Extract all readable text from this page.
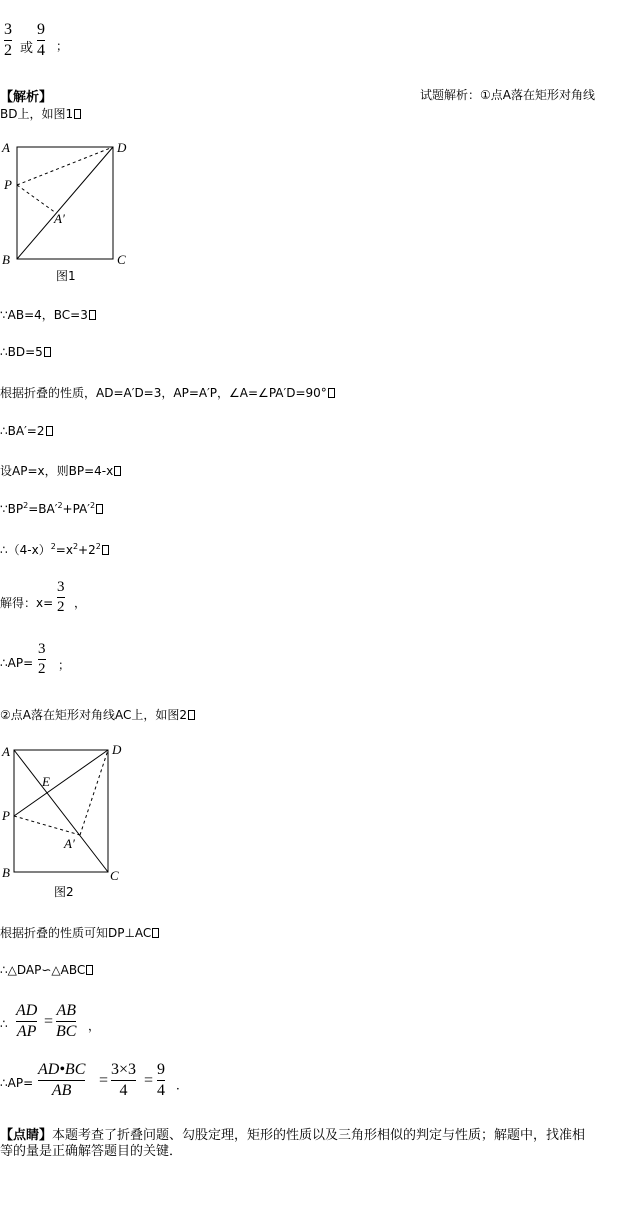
3
2 或
9
4 ；
【解析】	试题解析：①点A落在矩形对角线
BD上，如图1
A	D
P
A′
B	C
图1
∵AB=4，BC=3
∴BD=5
根据折叠的性质，AD=A′D=3，AP=A′P，∠A=∠PA′D=90°
∴BA′=2
设AP=x，则BP=4-x
$\because BP^2=BA'^2+PA'^2$
$\therefore(4-x)^2=x^2+2^2$
解得：x=
3
2 ，
∴AP=
3
2 ；
②点A落在矩形对角线AC上，如图2
A	D
E
P
A′
B	C
图2
根据折叠的性质可知DP⊥AC
∴△DAP∽△ABC
∴
AD
AP
=
AB
BC ，
∴AP=
AD•BC
AB
=
3×3
4
=
9
4 ．
【点睛】本题考查了折叠问题、勾股定理，矩形的性质以及三角形相似的判定与性质；解题中，找准相
等的量是正确解答题目的关键．
